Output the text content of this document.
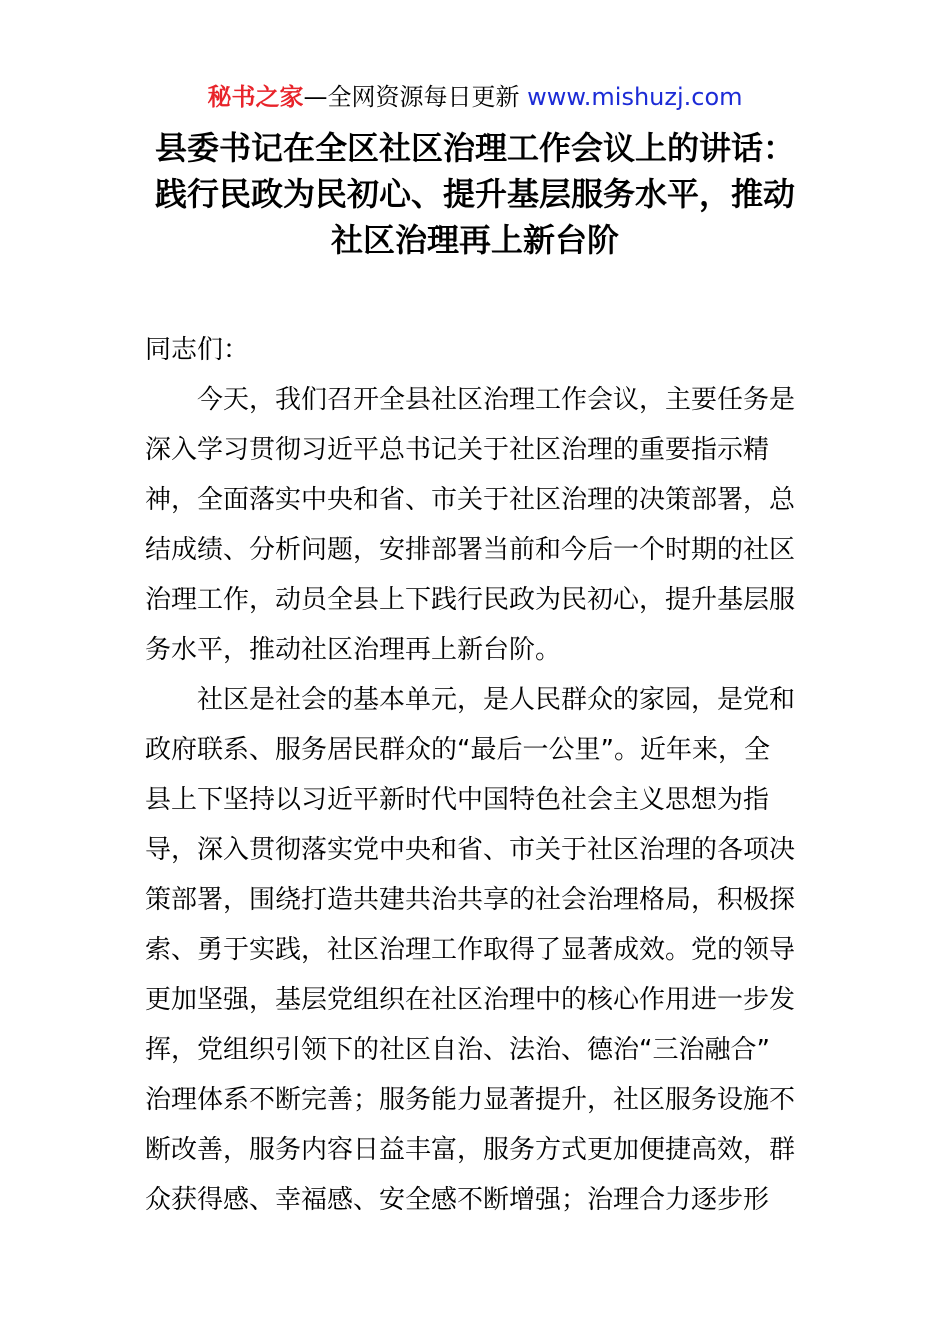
秘书之家—全网资源每日更新 www.mishuzj.com
县委书记在全区社区治理工作会议上的讲话：
践行民政为民初心、提升基层服务水平，推动
社区治理再上新台阶
同志们：
今天，我们召开全县社区治理工作会议，主要任务是
深入学习贯彻习近平总书记关于社区治理的重要指示精
神，全面落实中央和省、市关于社区治理的决策部署，总
结成绩、分析问题，安排部署当前和今后一个时期的社区
治理工作，动员全县上下践行民政为民初心，提升基层服
务水平，推动社区治理再上新台阶。
社区是社会的基本单元，是人民群众的家园，是党和
政府联系、服务居民群众的“最后一公里”。近年来，全
县上下坚持以习近平新时代中国特色社会主义思想为指
导，深入贯彻落实党中央和省、市关于社区治理的各项决
策部署，围绕打造共建共治共享的社会治理格局，积极探
索、勇于实践，社区治理工作取得了显著成效。党的领导
更加坚强，基层党组织在社区治理中的核心作用进一步发
挥，党组织引领下的社区自治、法治、德治“三治融合”
治理体系不断完善；服务能力显著提升，社区服务设施不
断改善，服务内容日益丰富，服务方式更加便捷高效，群
众获得感、幸福感、安全感不断增强；治理合力逐步形
